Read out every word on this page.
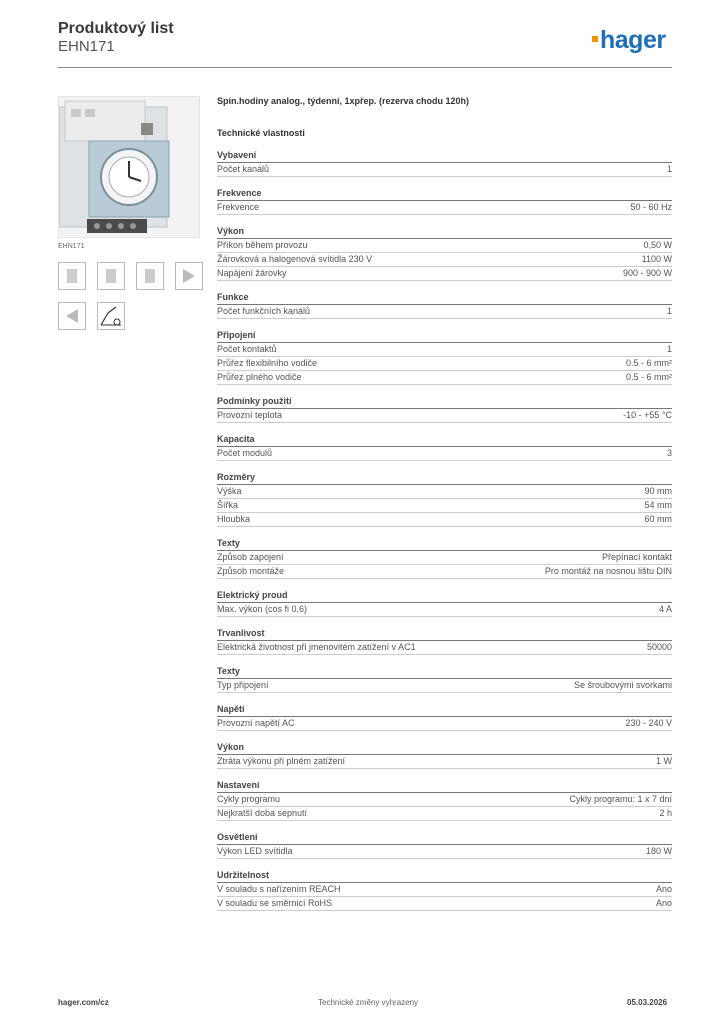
Produktový list
EHN171	hager
EHN171
Spín.hodiny analog., týdenní, 1xpřep. (rezerva chodu 120h)
Technické vlastnosti
Vybavení
Počet kanálů	1
Frekvence
Frekvence	50 - 60 Hz
Výkon
Příkon během provozu	0,50 W
Žárovková a halogenová svítidla 230 V	1100 W
Napájení žárovky	900 - 900 W
Funkce
Počet funkčních kanálů	1
Připojení
Počet kontaktů	1
Průřez flexibilního vodiče	0.5 - 6 mm²
Průřez plného vodiče	0.5 - 6 mm²
Podmínky použití
Provozní teplota	-10 - +55 °C
Kapacita
Počet modulů	3
Rozměry
Výška	90 mm
Šířka	54 mm
Hloubka	60 mm
Texty
Způsob zapojení	Přepínací kontakt
Způsob montáže	Pro montáž na nosnou lištu DIN
Elektrický proud
Max. výkon (cos fi 0,6)	4 A
Trvanlivost
Elektrická životnost při jmenovitém zatížení v AC1	50000
Texty
Typ připojení	Se šroubovými svorkami
Napětí
Provozní napětí AC	230 - 240 V
Výkon
Ztráta výkonu při plném zatížení	1 W
Nastavení
Cykly programu	Cykly programu: 1 x 7 dní
Nejkratší doba sepnutí	2 h
Osvětlení
Výkon LED svítidla	180 W
Udržitelnost
V souladu s nařízením REACH	Ano
V souladu se směrnicí RoHS	Ano
hager.com/cz	Technické změny vyhrazeny	05.03.2026
